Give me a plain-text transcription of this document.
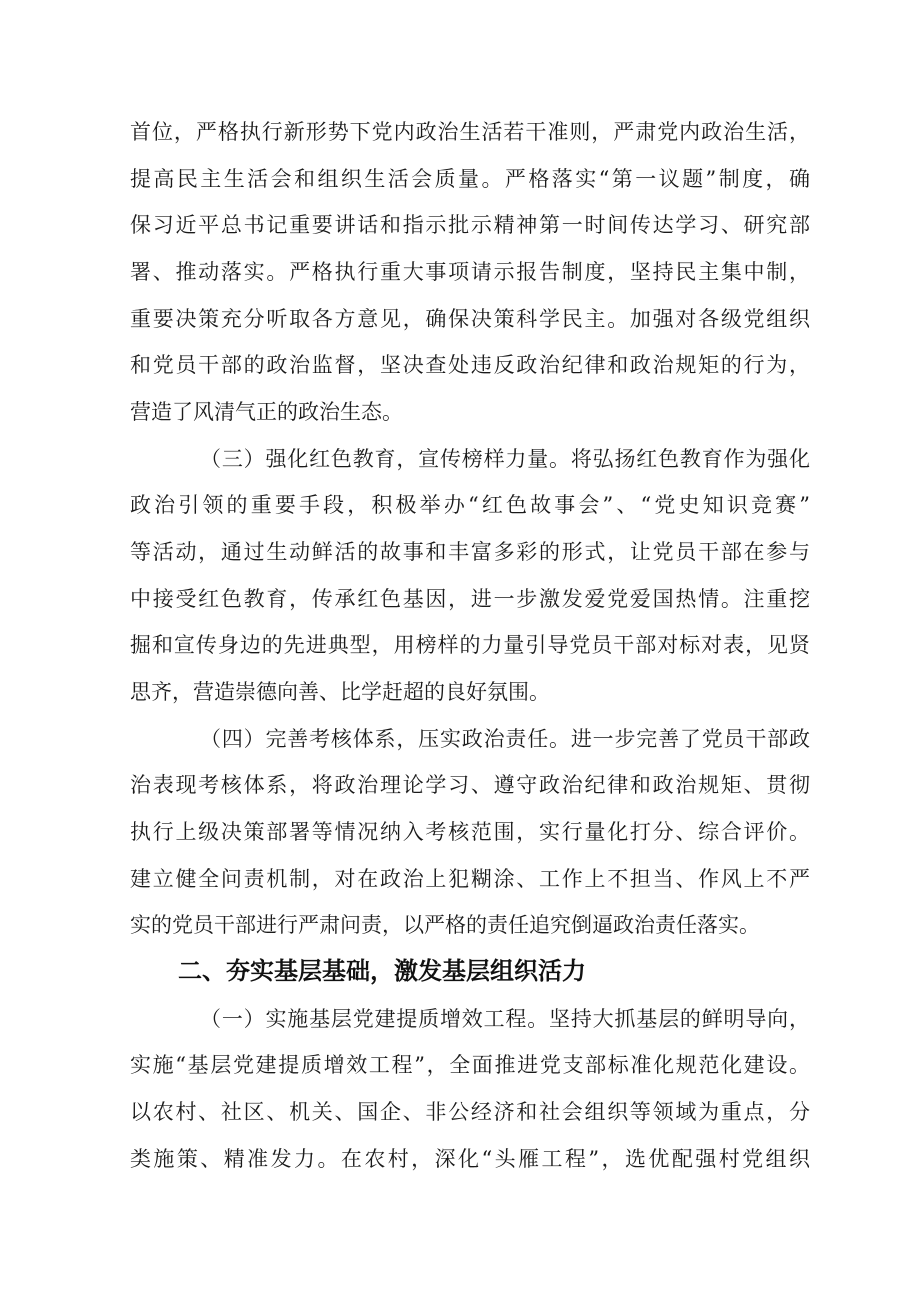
首位，严格执行新形势下党内政治生活若干准则，严肃党内政治生活，
提高民主生活会和组织生活会质量。严格落实“第一议题”制度，确
保习近平总书记重要讲话和指示批示精神第一时间传达学习、研究部
署、推动落实。严格执行重大事项请示报告制度，坚持民主集中制，
重要决策充分听取各方意见，确保决策科学民主。加强对各级党组织
和党员干部的政治监督，坚决查处违反政治纪律和政治规矩的行为，
营造了风清气正的政治生态。
（三）强化红色教育，宣传榜样力量。将弘扬红色教育作为强化
政治引领的重要手段，积极举办“红色故事会”、“党史知识竞赛”
等活动，通过生动鲜活的故事和丰富多彩的形式，让党员干部在参与
中接受红色教育，传承红色基因，进一步激发爱党爱国热情。注重挖
掘和宣传身边的先进典型，用榜样的力量引导党员干部对标对表，见贤
思齐，营造崇德向善、比学赶超的良好氛围。
（四）完善考核体系，压实政治责任。进一步完善了党员干部政
治表现考核体系，将政治理论学习、遵守政治纪律和政治规矩、贯彻
执行上级决策部署等情况纳入考核范围，实行量化打分、综合评价。
建立健全问责机制，对在政治上犯糊涂、工作上不担当、作风上不严
实的党员干部进行严肃问责，以严格的责任追究倒逼政治责任落实。
二、夯实基层基础，激发基层组织活力
（一）实施基层党建提质增效工程。坚持大抓基层的鲜明导向，
实施“基层党建提质增效工程”，全面推进党支部标准化规范化建设。
以农村、社区、机关、国企、非公经济和社会组织等领域为重点，分
类施策、精准发力。在农村，深化“头雁工程”，选优配强村党组织
